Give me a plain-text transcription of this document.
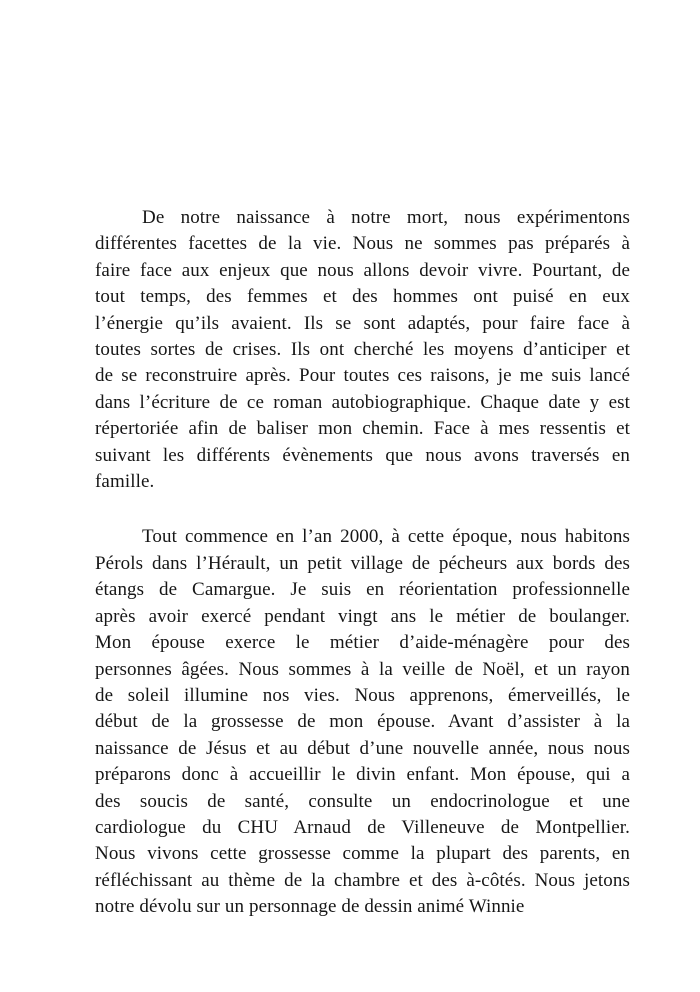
De notre naissance à notre mort, nous expérimentons
différentes facettes de la vie. Nous ne sommes pas préparés à
faire face aux enjeux que nous allons devoir vivre. Pourtant, de
tout temps, des femmes et des hommes ont puisé en eux
l’énergie qu’ils avaient. Ils se sont adaptés, pour faire face à
toutes sortes de crises. Ils ont cherché les moyens d’anticiper et
de se reconstruire après. Pour toutes ces raisons, je me suis lancé
dans l’écriture de ce roman autobiographique. Chaque date y est
répertoriée afin de baliser mon chemin. Face à mes ressentis et
suivant les différents évènements que nous avons traversés en
famille.
Tout commence en l’an 2000, à cette époque, nous habitons
Pérols dans l’Hérault, un petit village de pécheurs aux bords des
étangs de Camargue. Je suis en réorientation professionnelle
après avoir exercé pendant vingt ans le métier de boulanger.
Mon épouse exerce le métier d’aide-ménagère pour des
personnes âgées. Nous sommes à la veille de Noël, et un rayon
de soleil illumine nos vies. Nous apprenons, émerveillés, le
début de la grossesse de mon épouse. Avant d’assister à la
naissance de Jésus et au début d’une nouvelle année, nous nous
préparons donc à accueillir le divin enfant. Mon épouse, qui a
des soucis de santé, consulte un endocrinologue et une
cardiologue du CHU Arnaud de Villeneuve de Montpellier.
Nous vivons cette grossesse comme la plupart des parents, en
réfléchissant au thème de la chambre et des à-côtés. Nous jetons
notre dévolu sur un personnage de dessin animé Winnie
